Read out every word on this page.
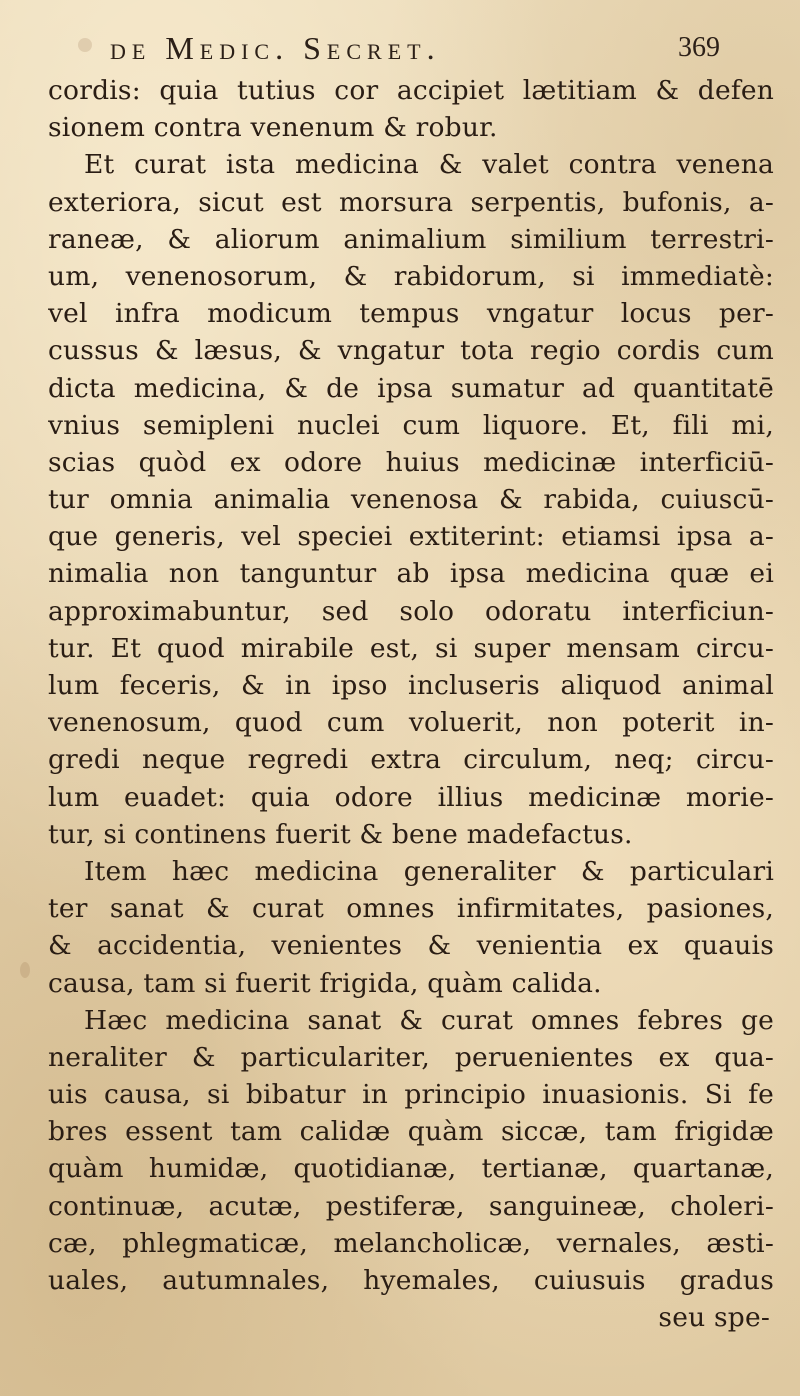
de Medic. Secret.	369
cordis: quia tutius cor accipiet lætitiam & defen
sionem contra venenum & robur.
Et curat ista medicina & valet contra venena
exteriora, sicut est morsura serpentis, bufonis, a-
raneæ, & aliorum animalium similium terrestri-
um, venenosorum, & rabidorum, si immediatè:
vel infra modicum tempus vngatur locus per-
cussus & læsus, & vngatur tota regio cordis cum
dicta medicina, & de ipsa sumatur ad quantitatē
vnius semipleni nuclei cum liquore. Et, fili mi,
scias quòd ex odore huius medicinæ interficiū-
tur omnia animalia venenosa & rabida, cuiuscū-
que generis, vel speciei extiterint: etiamsi ipsa a-
nimalia non tanguntur ab ipsa medicina quæ ei
approximabuntur, sed solo odoratu interficiun-
tur. Et quod mirabile est, si super mensam circu-
lum feceris, & in ipso incluseris aliquod animal
venenosum, quod cum voluerit, non poterit in-
gredi neque regredi extra circulum, neq; circu-
lum euadet: quia odore illius medicinæ morie-
tur, si continens fuerit & bene madefactus.
Item hæc medicina generaliter & particulari
ter sanat & curat omnes infirmitates, pasiones,
& accidentia, venientes & venientia ex quauis
causa, tam si fuerit frigida, quàm calida.
Hæc medicina sanat & curat omnes febres ge
neraliter & particulariter, peruenientes ex qua-
uis causa, si bibatur in principio inuasionis. Si fe
bres essent tam calidæ quàm siccæ, tam frigidæ
quàm humidæ, quotidianæ, tertianæ, quartanæ,
continuæ, acutæ, pestiferæ, sanguineæ, choleri-
cæ, phlegmaticæ, melancholicæ, vernales, æsti-
uales, autumnales, hyemales, cuiusuis gradus
seu spe-
